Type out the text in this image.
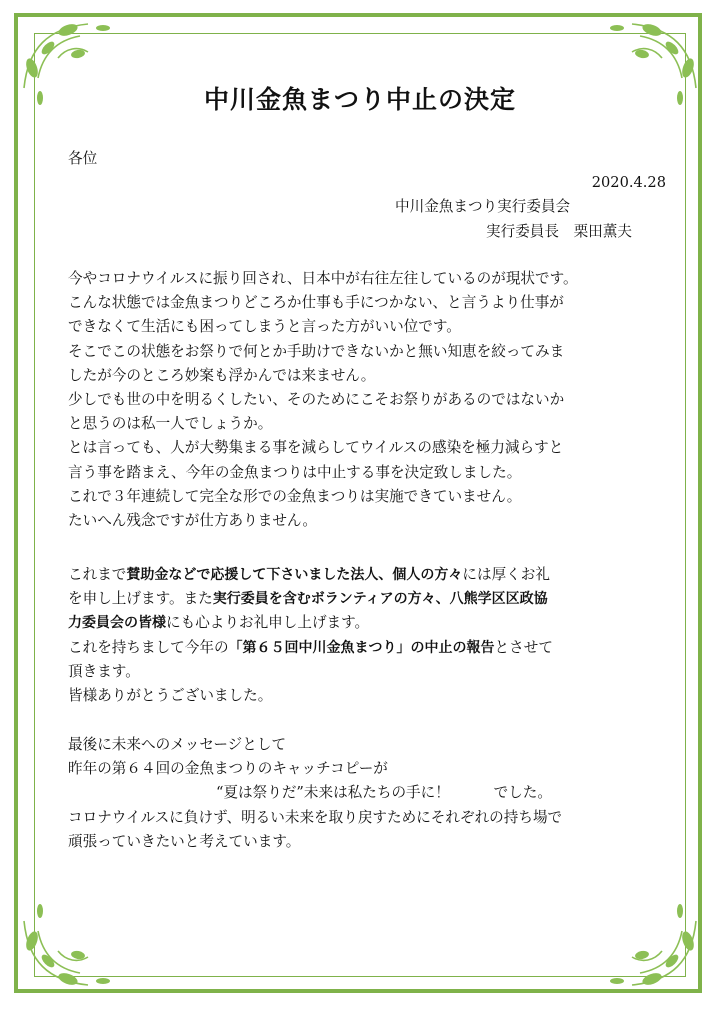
中川金魚まつり中止の決定
各位
2020.4.28
中川金魚まつり実行委員会
実行委員長　栗田薫夫
今やコロナウイルスに振り回され、日本中が右往左往しているのが現状です。
こんな状態では金魚まつりどころか仕事も手につかない、と言うより仕事が
できなくて生活にも困ってしまうと言った方がいい位です。
そこでこの状態をお祭りで何とか手助けできないかと無い知恵を絞ってみま
したが今のところ妙案も浮かんでは来ません。
少しでも世の中を明るくしたい、そのためにこそお祭りがあるのではないか
と思うのは私一人でしょうか。
とは言っても、人が大勢集まる事を減らしてウイルスの感染を極力減らすと
言う事を踏まえ、今年の金魚まつりは中止する事を決定致しました。
これで３年連続して完全な形での金魚まつりは実施できていません。
たいへん残念ですが仕方ありません。
これまで賛助金などで応援して下さいました法人、個人の方々には厚くお礼
を申し上げます。また実行委員を含むボランティアの方々、八熊学区区政協
力委員会の皆様にも心よりお礼申し上げます。
これを持ちまして今年の「第６５回中川金魚まつり」の中止の報告とさせて
頂きます。
皆様ありがとうございました。
最後に未来へのメッセージとして
昨年の第６４回の金魚まつりのキャッチコピーが
“夏は祭りだ”未来は私たちの手に！　　　でした。
コロナウイルスに負けず、明るい未来を取り戻すためにそれぞれの持ち場で
頑張っていきたいと考えています。
